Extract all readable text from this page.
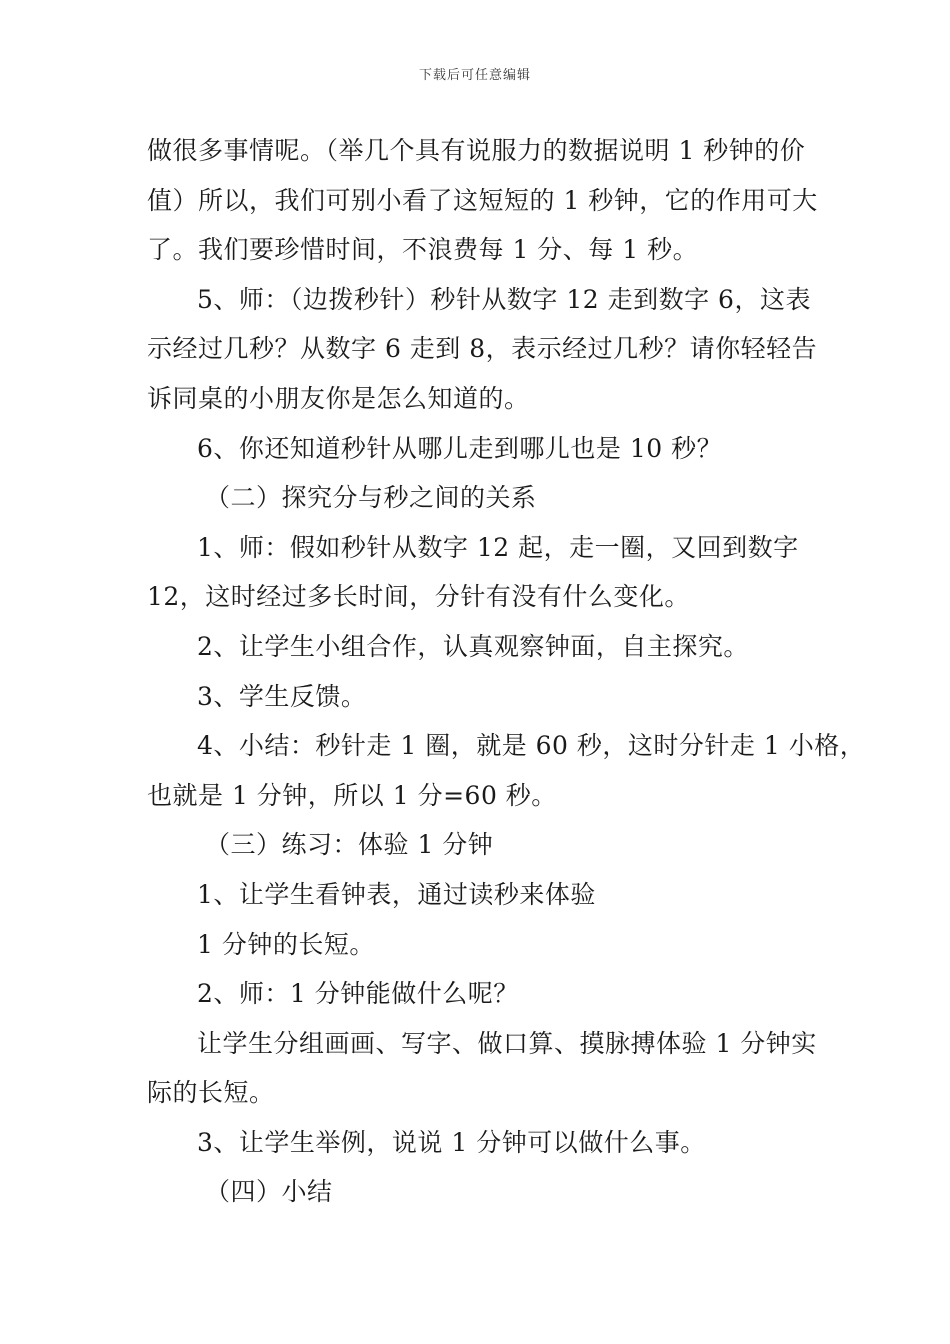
下载后可任意编辑
做很多事情呢。（举几个具有说服力的数据说明 1 秒钟的价
值）所以，我们可别小看了这短短的 1 秒钟，它的作用可大
了。我们要珍惜时间，不浪费每 1 分、每 1 秒。
5、师：（边拨秒针）秒针从数字 12 走到数字 6，这表
示经过几秒？从数字 6 走到 8，表示经过几秒？请你轻轻告
诉同桌的小朋友你是怎么知道的。
6、你还知道秒针从哪儿走到哪儿也是 10 秒？
（二）探究分与秒之间的关系
1、师：假如秒针从数字 12 起，走一圈，又回到数字
12，这时经过多长时间，分针有没有什么变化。
2、让学生小组合作，认真观察钟面，自主探究。
3、学生反馈。
4、小结：秒针走 1 圈，就是 60 秒，这时分针走 1 小格，
也就是 1 分钟，所以 1 分=60 秒。
（三）练习：体验 1 分钟
1、让学生看钟表，通过读秒来体验
1 分钟的长短。
2、师：1 分钟能做什么呢？
让学生分组画画、写字、做口算、摸脉搏体验 1 分钟实
际的长短。
3、让学生举例，说说 1 分钟可以做什么事。
（四）小结
